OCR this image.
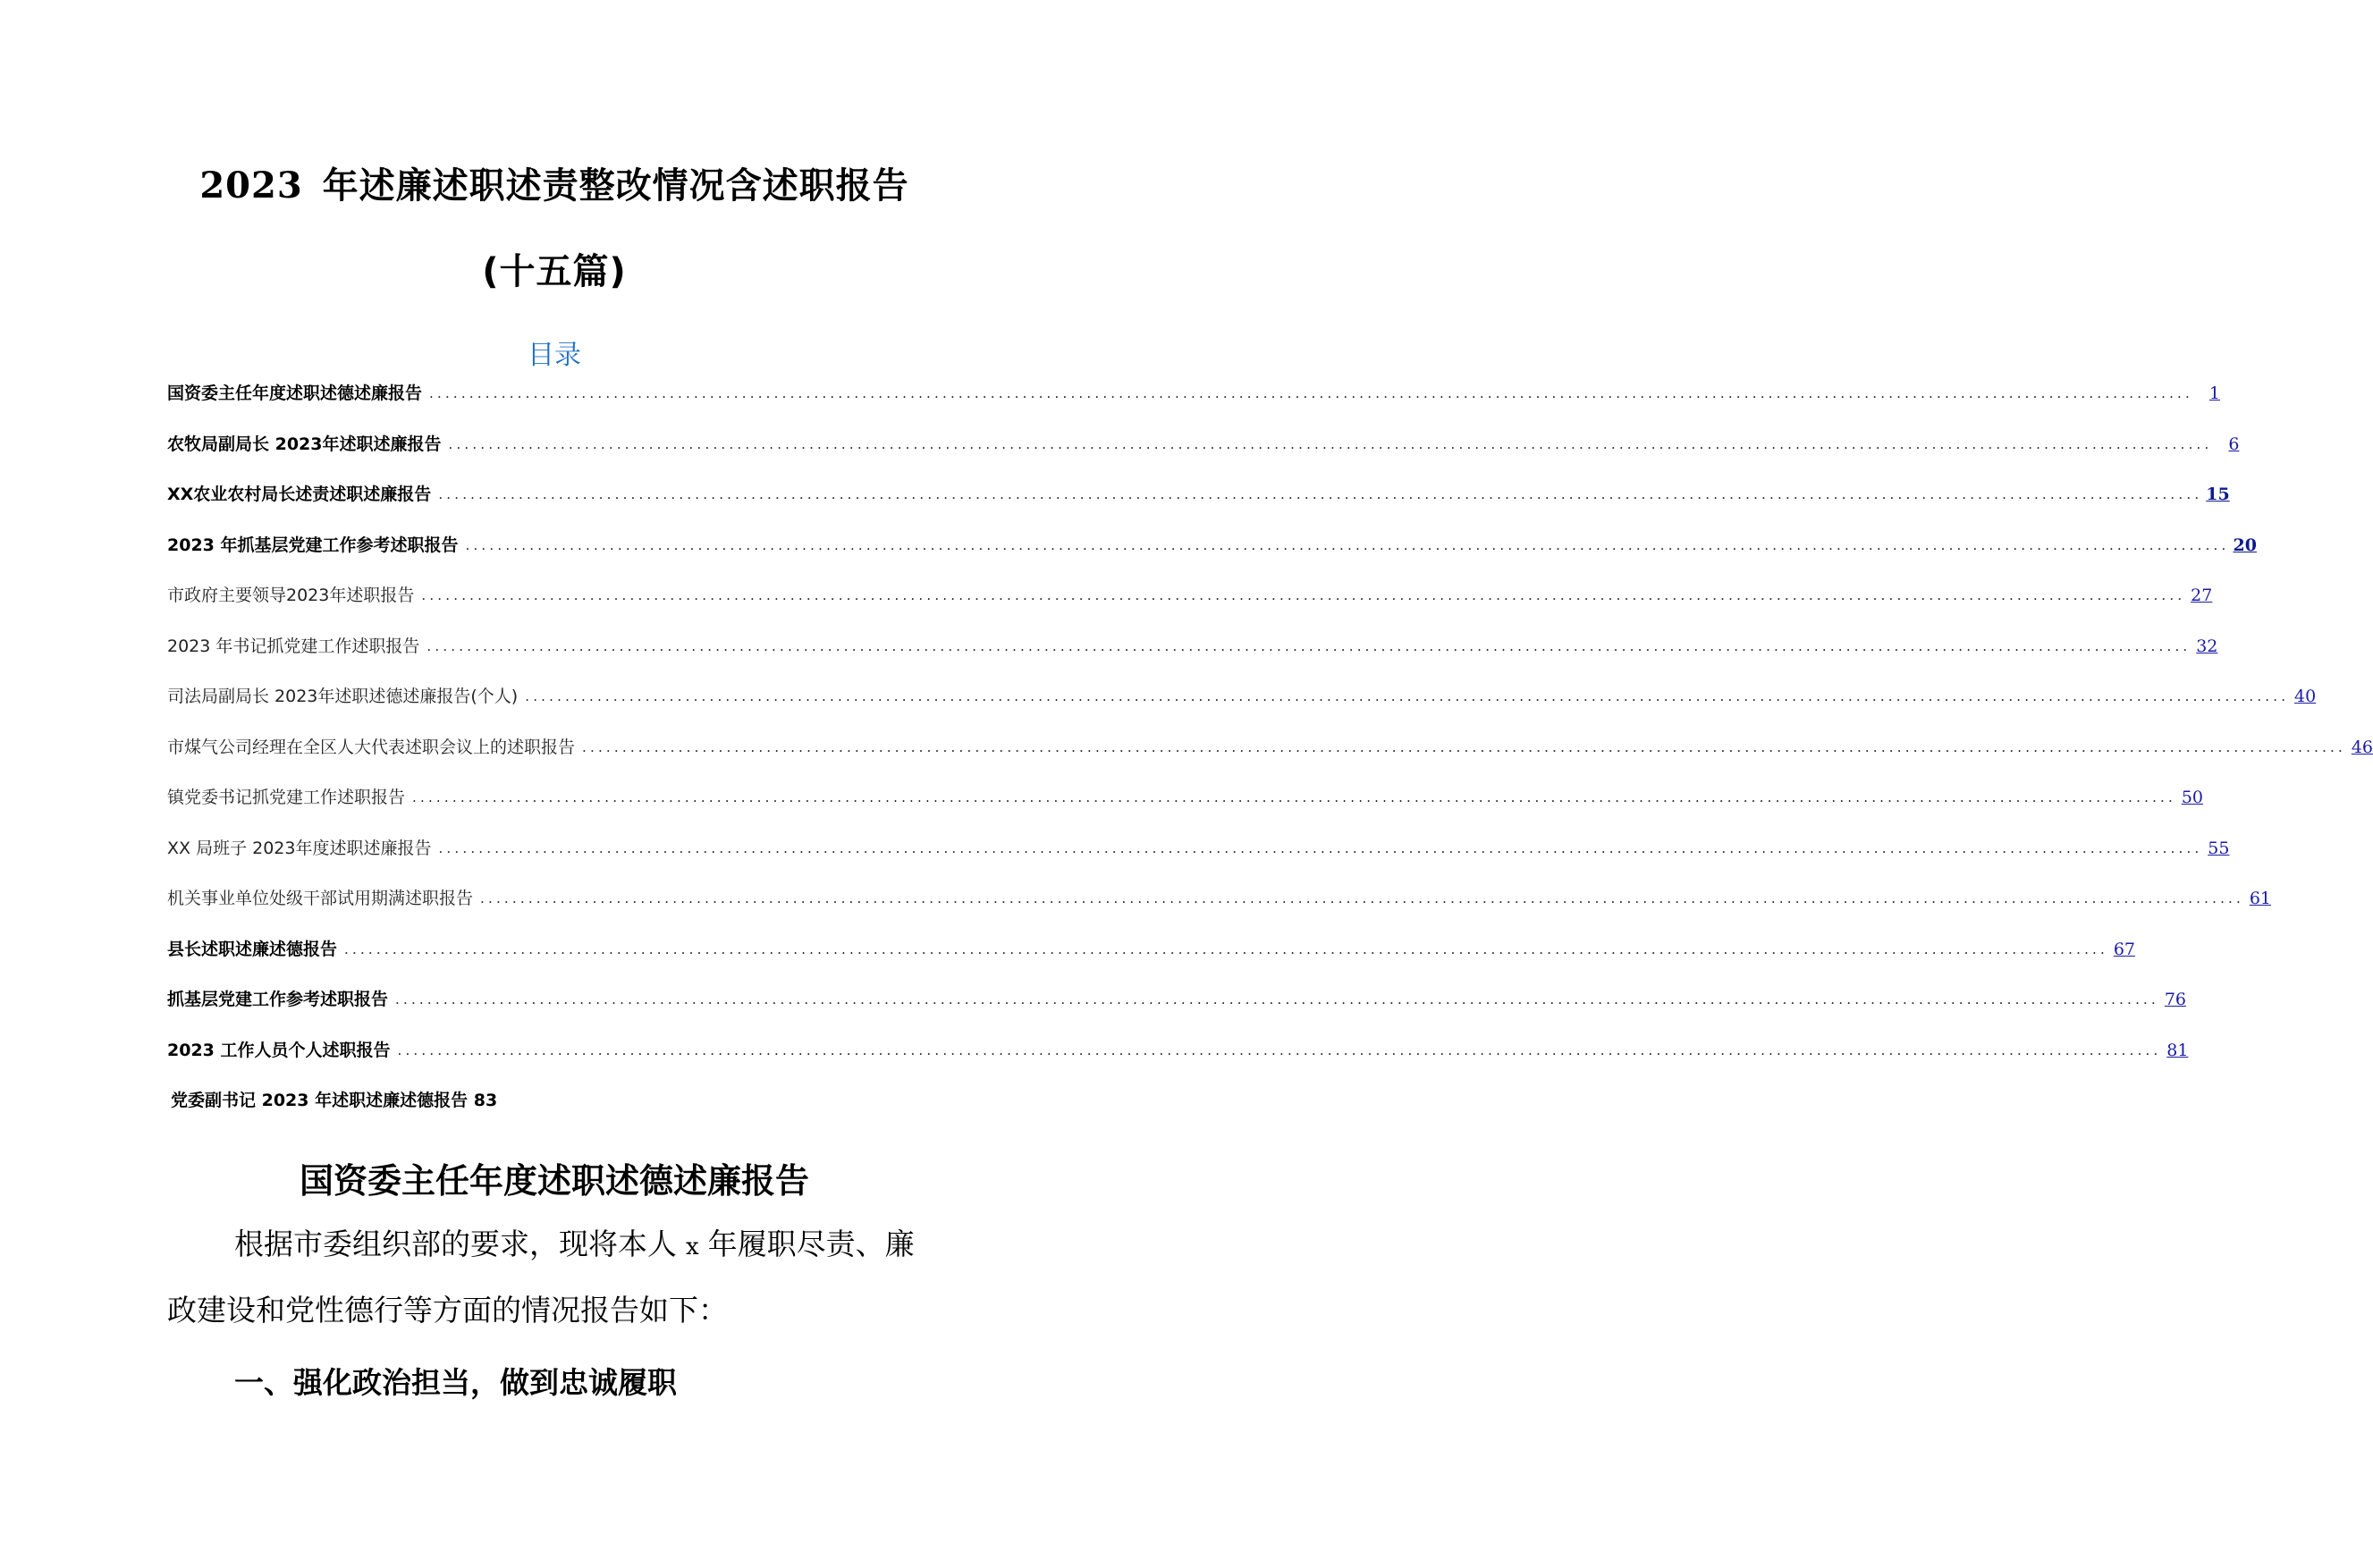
2023 年述廉述职述责整改情况含述职报告
(十五篇)
目录
国资委主任年度述职述德述廉报告 ............................................................................................................................................................................................................................ 1
农牧局副局长 2023年述职述廉报告 ............................................................................................................................................................................................................................ 6
XX农业农村局长述责述职述廉报告 ............................................................................................................................................................................................................................ 15
2023 年抓基层党建工作参考述职报告 ............................................................................................................................................................................................................................ 20
市政府主要领导2023年述职报告 ............................................................................................................................................................................................................................ 27
2023 年书记抓党建工作述职报告 ............................................................................................................................................................................................................................ 32
司法局副局长 2023年述职述德述廉报告(个人) ............................................................................................................................................................................................................................ 40
市煤气公司经理在全区人大代表述职会议上的述职报告 ............................................................................................................................................................................................................................ 46
镇党委书记抓党建工作述职报告 ............................................................................................................................................................................................................................ 50
XX 局班子 2023年度述职述廉报告 ............................................................................................................................................................................................................................ 55
机关事业单位处级干部试用期满述职报告 ............................................................................................................................................................................................................................ 61
县长述职述廉述德报告 ............................................................................................................................................................................................................................ 67
抓基层党建工作参考述职报告 ............................................................................................................................................................................................................................ 76
2023 工作人员个人述职报告 ............................................................................................................................................................................................................................ 81
党委副书记 2023 年述职述廉述德报告 83
国资委主任年度述职述德述廉报告
根据市委组织部的要求，现将本人 x 年履职尽责、廉
政建设和党性德行等方面的情况报告如下：
一、强化政治担当，做到忠诚履职
